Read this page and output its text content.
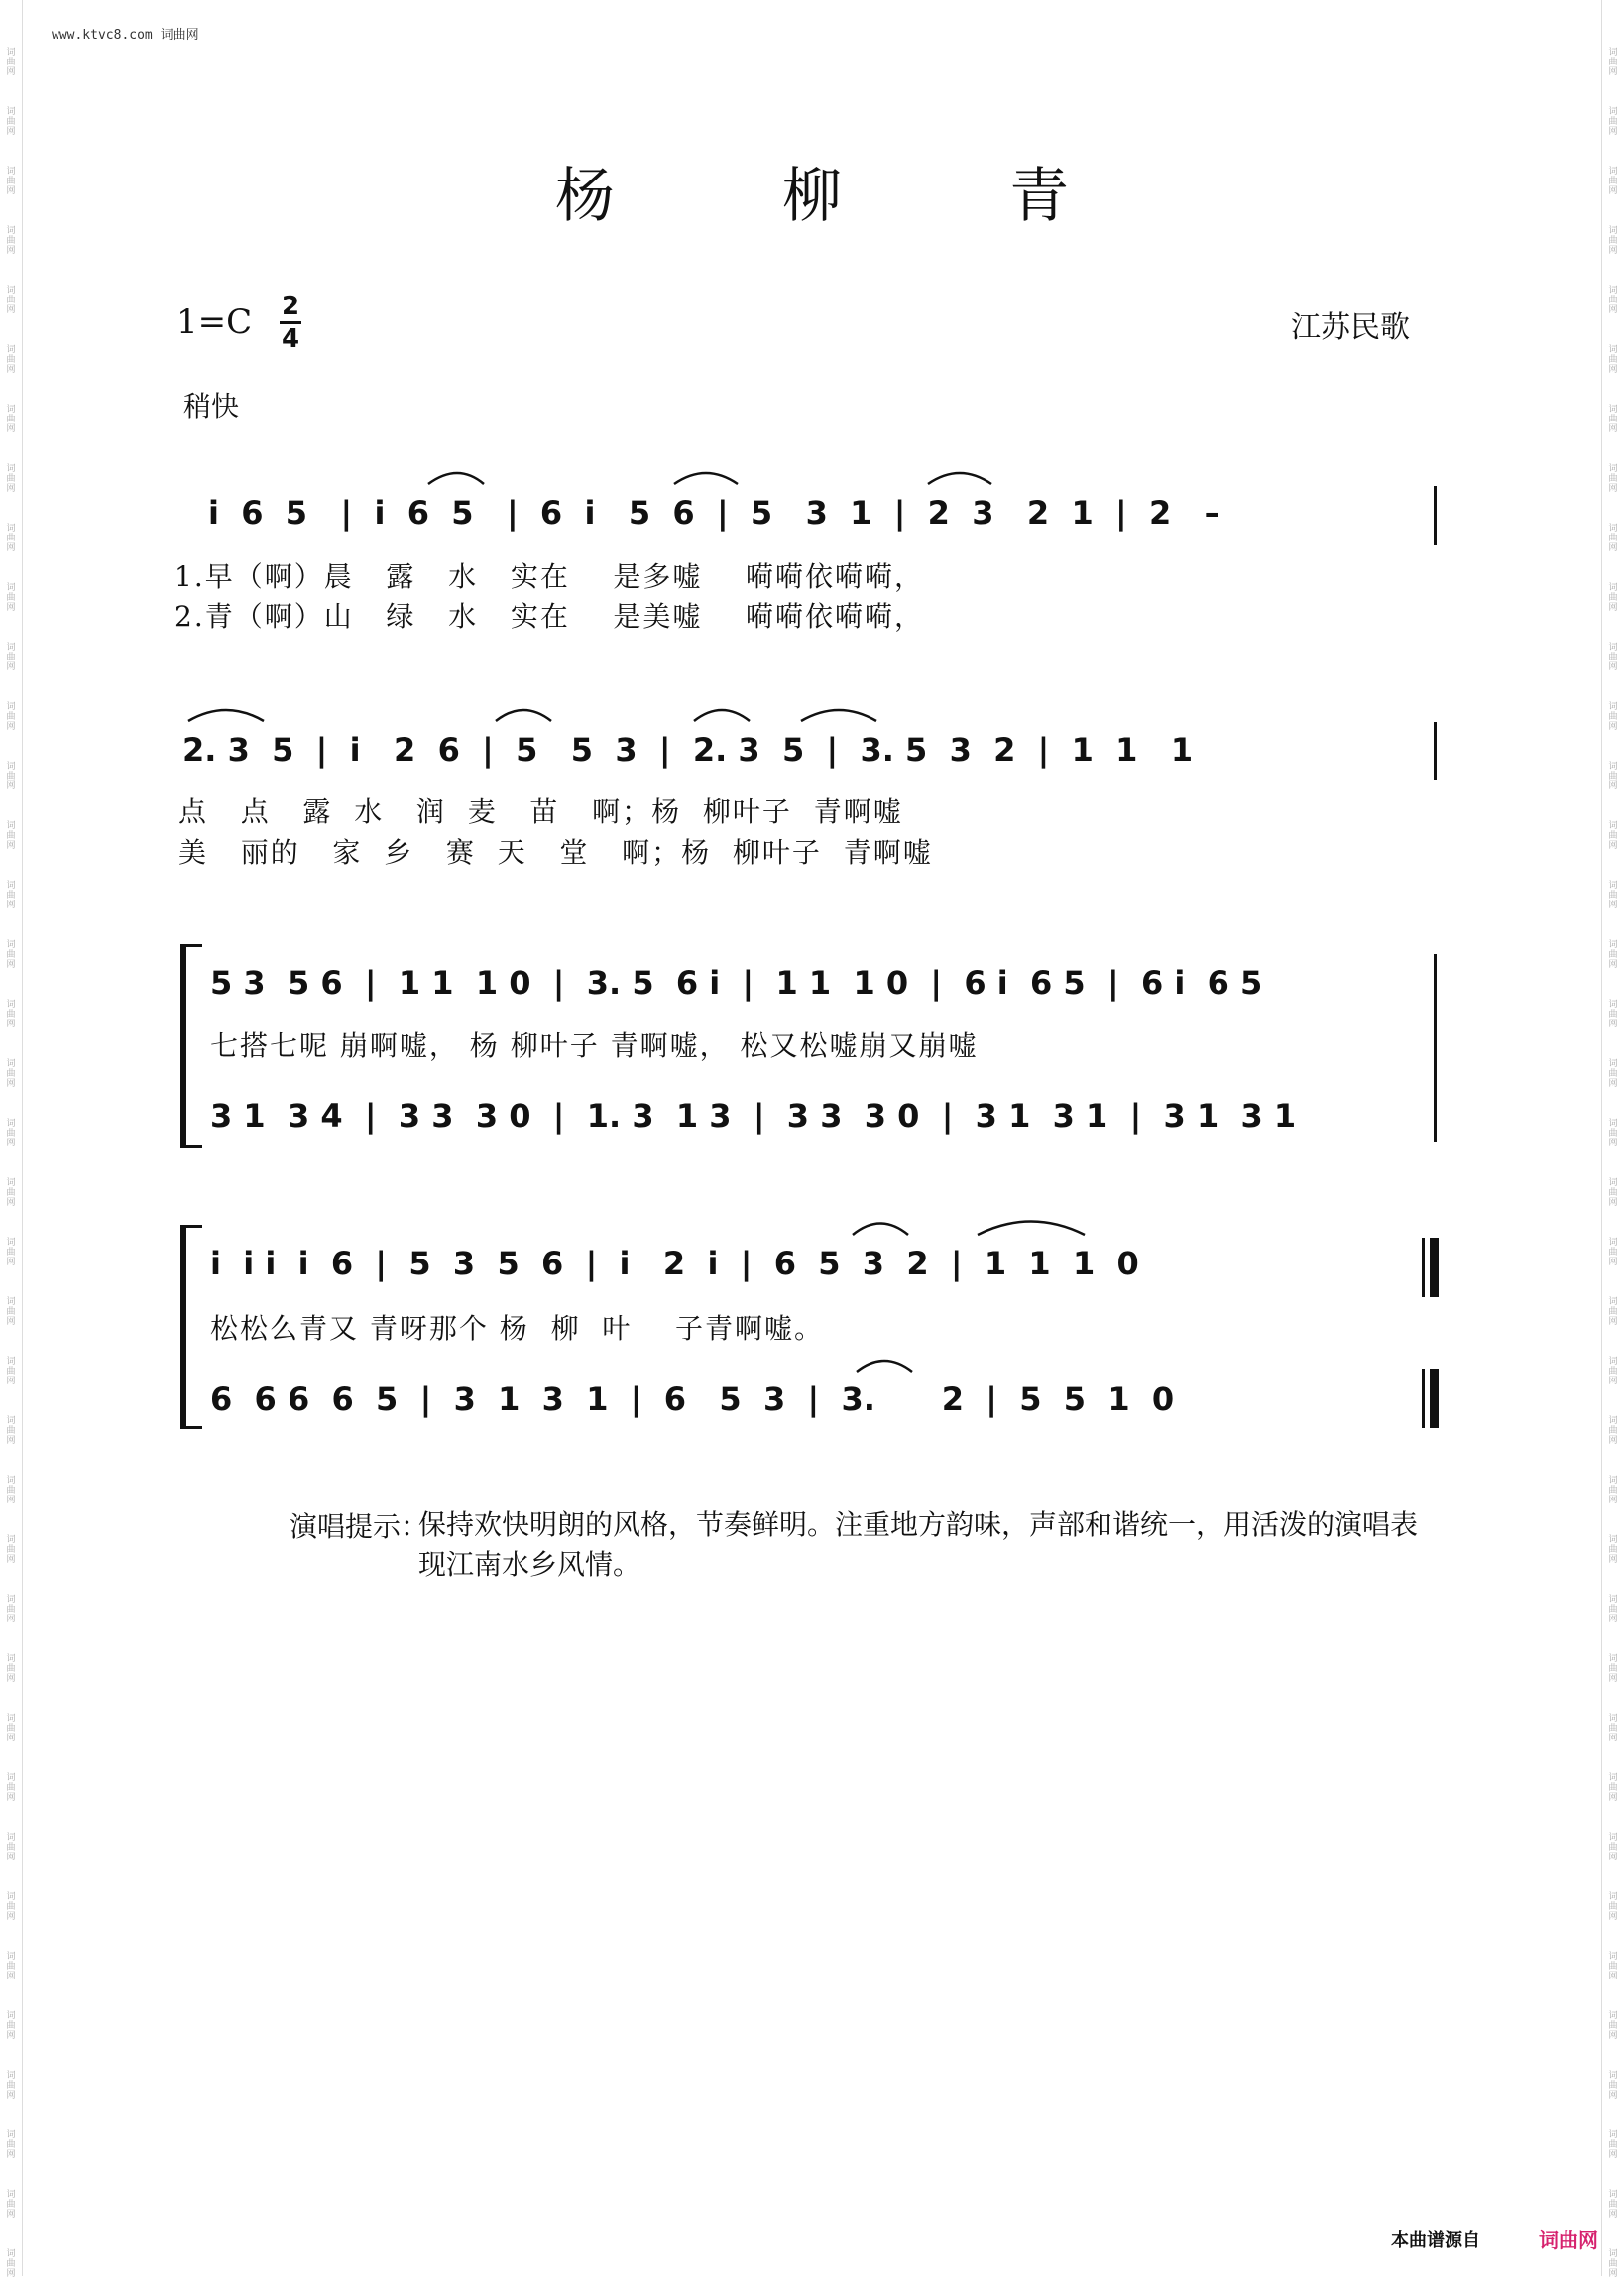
词曲网
词曲网
词曲网
词曲网
词曲网
词曲网
词曲网
词曲网
词曲网
词曲网
词曲网
词曲网
词曲网
词曲网
词曲网
词曲网
词曲网
词曲网
词曲网
词曲网
词曲网
词曲网
词曲网
词曲网
词曲网
词曲网
词曲网
词曲网
词曲网
词曲网
词曲网
词曲网
词曲网
词曲网
词曲网
词曲网
词曲网
词曲网
词曲网
词曲网
词曲网
词曲网
词曲网
词曲网
词曲网
词曲网
词曲网
词曲网
词曲网
词曲网
词曲网
词曲网
词曲网
词曲网
词曲网
词曲网
词曲网
词曲网
词曲网
词曲网
词曲网
词曲网
词曲网
词曲网
词曲网
词曲网
词曲网
词曲网
词曲网
词曲网
词曲网
词曲网
词曲网
词曲网
词曲网
词曲网
www.ktvc8.com 词曲网
杨 柳 青
1=C 2
4	江苏民歌
稍快
i  6  5   |  i  6  5   |  6  i   5  6  |  5   3  1  |  2  3   2  1  |  2   –
1.早（啊）晨   露   水   实在    是多嘘    嗬嗬依嗬嗬，
2.青（啊）山   绿   水   实在    是美嘘    嗬嗬依嗬嗬，
2. 3  5  |  i   2  6  |  5   5  3  |  2. 3  5  |  3. 5  3  2  |  1  1   1
点   点   露  水   润  麦   苗   啊；杨  柳叶子  青啊嘘
美   丽的   家  乡   赛  天   堂   啊；杨  柳叶子  青啊嘘
5 3  5 6  |  1 1  1 0  |  3. 5  6 i  |  1 1  1 0  |  6 i  6 5  |  6 i  6 5
七搭七呢 崩啊嘘， 杨 柳叶子 青啊嘘， 松又松嘘崩又崩嘘
3 1  3 4  |  3 3  3 0  |  1. 3  1 3  |  3 3  3 0  |  3 1  3 1  |  3 1  3 1
i  i i  i  6  |  5  3  5  6  |  i   2  i  |  6  5  3  2  |  1  1  1  0
松松么青又 青呀那个 杨  柳  叶    子青啊嘘。
6  6 6  6  5  |  3  1  3  1  |  6   5  3  |  3.      2  |  5  5  1  0
演唱提示：
保持欢快明朗的风格，节奏鲜明。注重地方韵味，声部和谐统一，用活泼的演唱表现江南水乡风情。
本曲谱源自	词曲网
